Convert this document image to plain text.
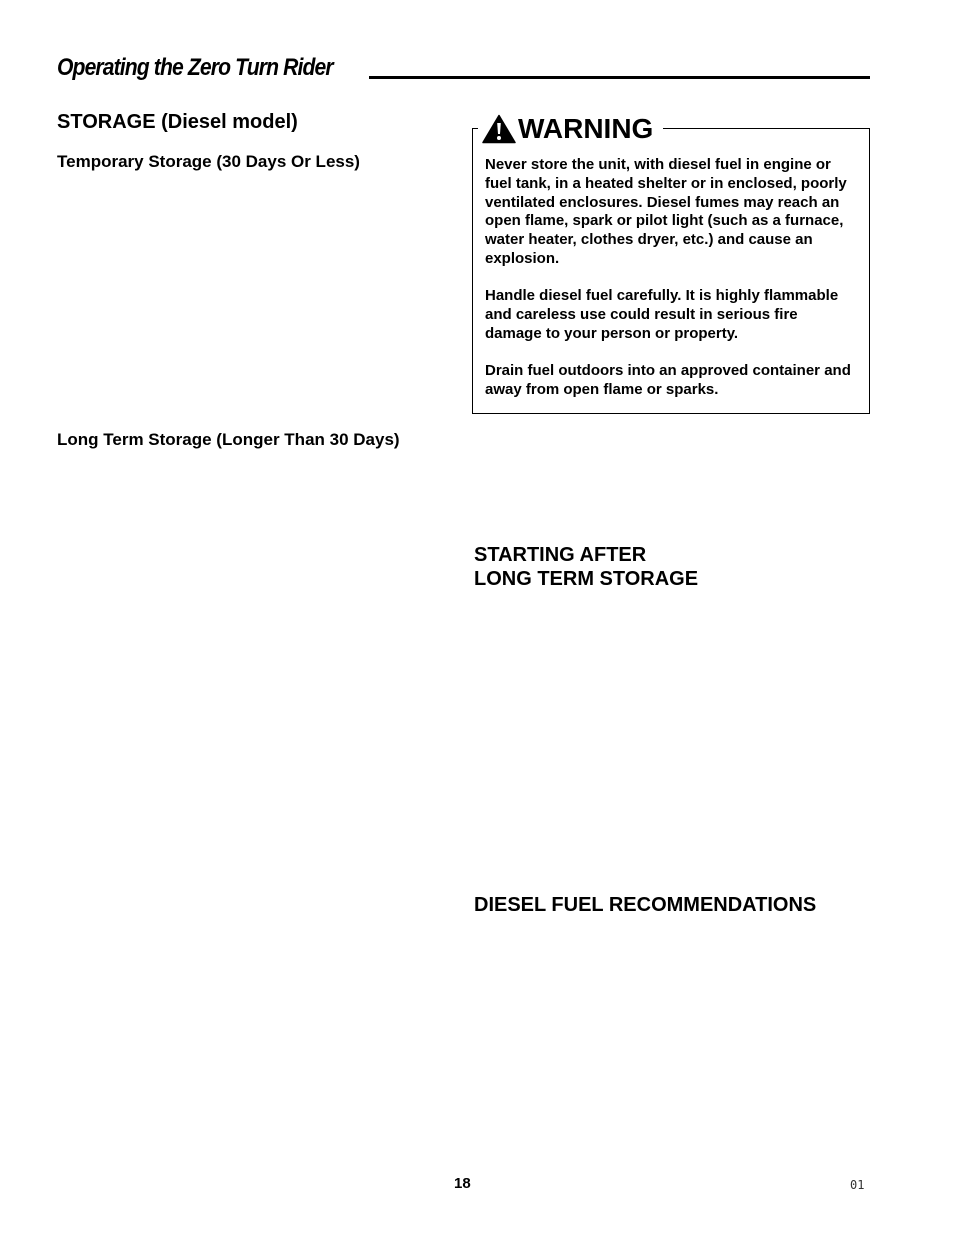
Operating the Zero Turn Rider
STORAGE (Diesel model)
Temporary Storage (30 Days Or Less)
Long Term Storage (Longer Than 30 Days)
WARNING

Never store the unit, with diesel fuel in engine or fuel tank, in a heated shelter or in enclosed, poorly ventilated enclosures. Diesel fumes may reach an open flame, spark or pilot light (such as a furnace, water heater, clothes dryer, etc.) and cause an explosion.

Handle diesel fuel carefully. It is highly flammable and careless use could result in serious fire damage to your person or property.

Drain fuel outdoors into an approved container and away from open flame or sparks.

STARTING AFTER
LONG TERM STORAGE
DIESEL FUEL RECOMMENDATIONS
18	01
